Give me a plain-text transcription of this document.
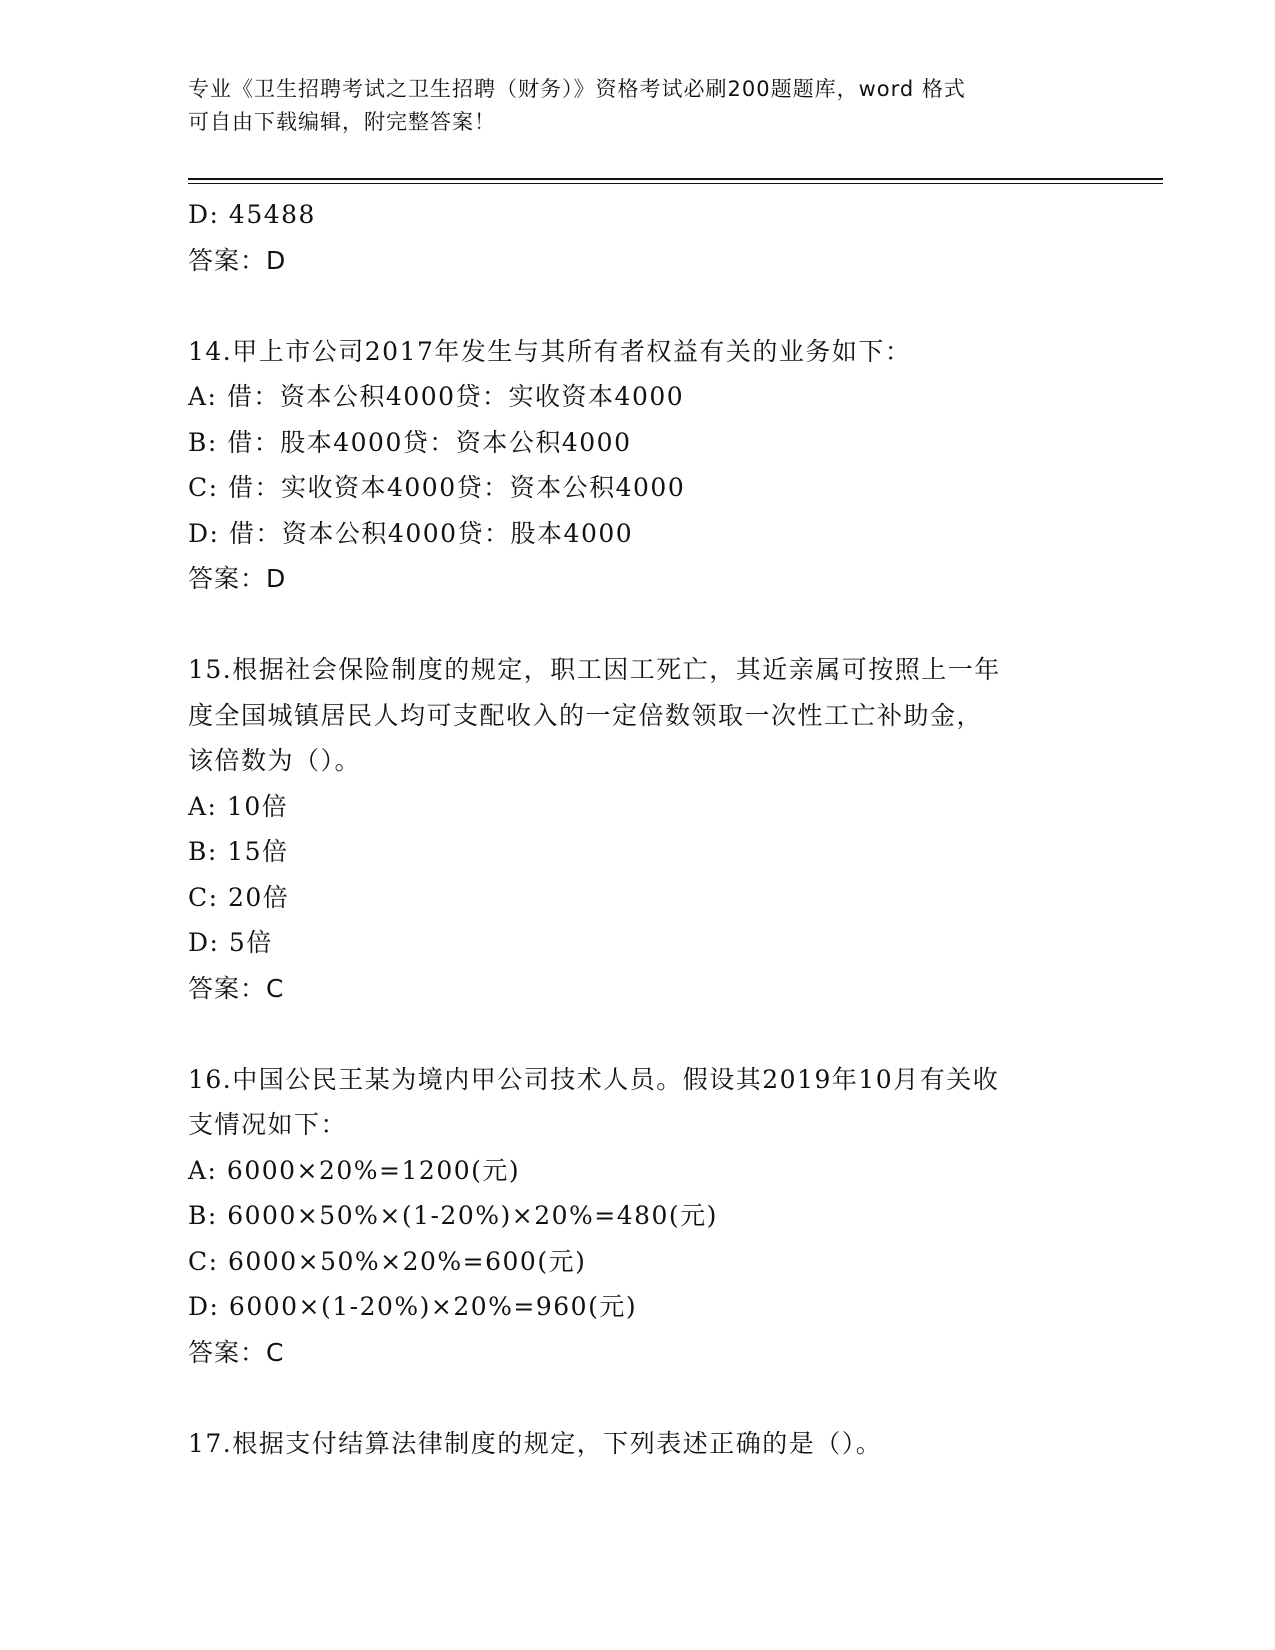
专业《卫生招聘考试之卫生招聘（财务）》资格考试必刷200题题库，word 格式
可自由下载编辑，附完整答案！
D: 45488
答案：D
14.甲上市公司2017年发生与其所有者权益有关的业务如下：
A: 借：资本公积4000贷：实收资本4000
B: 借：股本4000贷：资本公积4000
C: 借：实收资本4000贷：资本公积4000
D: 借：资本公积4000贷：股本4000
答案：D
15.根据社会保险制度的规定，职工因工死亡，其近亲属可按照上一年
度全国城镇居民人均可支配收入的一定倍数领取一次性工亡补助金，
该倍数为（）。
A: 10倍
B: 15倍
C: 20倍
D: 5倍
答案：C
16.中国公民王某为境内甲公司技术人员。假设其2019年10月有关收
支情况如下：
A: 6000×20%=1200(元)
B: 6000×50%×(1-20%)×20%=480(元)
C: 6000×50%×20%=600(元)
D: 6000×(1-20%)×20%=960(元)
答案：C
17.根据支付结算法律制度的规定，下列表述正确的是（）。
